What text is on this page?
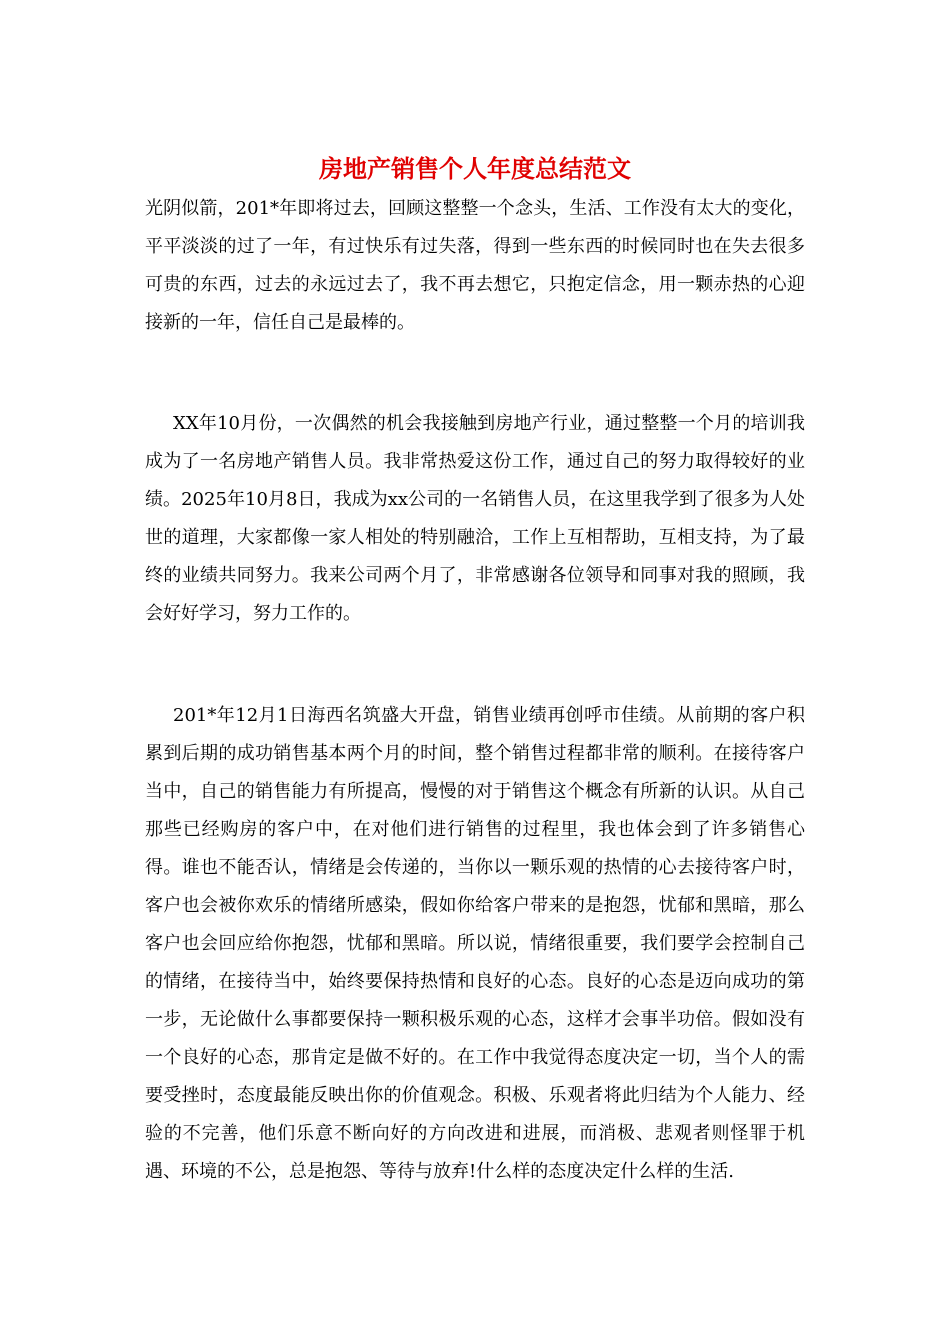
房地产销售个人年度总结范文

光阴似箭，201*年即将过去，回顾这整整一个念头，生活、工作没有太大的变化，平平淡淡的过了一年，有过快乐有过失落，得到一些东西的时候同时也在失去很多可贵的东西，过去的永远过去了，我不再去想它，只抱定信念，用一颗赤热的心迎接新的一年，信任自己是最棒的。

XX年10月份，一次偶然的机会我接触到房地产行业，通过整整一个月的培训我成为了一名房地产销售人员。我非常热爱这份工作，通过自己的努力取得较好的业绩。2025年10月8日，我成为xx公司的一名销售人员，在这里我学到了很多为人处世的道理，大家都像一家人相处的特别融洽，工作上互相帮助，互相支持，为了最终的业绩共同努力。我来公司两个月了，非常感谢各位领导和同事对我的照顾，我会好好学习，努力工作的。

201*年12月1日海西名筑盛大开盘，销售业绩再创呼市佳绩。从前期的客户积累到后期的成功销售基本两个月的时间，整个销售过程都非常的顺利。在接待客户当中，自己的销售能力有所提高，慢慢的对于销售这个概念有所新的认识。从自己那些已经购房的客户中，在对他们进行销售的过程里，我也体会到了许多销售心得。谁也不能否认，情绪是会传递的，当你以一颗乐观的热情的心去接待客户时，客户也会被你欢乐的情绪所感染，假如你给客户带来的是抱怨，忧郁和黑暗，那么客户也会回应给你抱怨，忧郁和黑暗。所以说，情绪很重要，我们要学会控制自己的情绪，在接待当中，始终要保持热情和良好的心态。良好的心态是迈向成功的第一步，无论做什么事都要保持一颗积极乐观的心态，这样才会事半功倍。假如没有一个良好的心态，那肯定是做不好的。在工作中我觉得态度决定一切，当个人的需要受挫时，态度最能反映出你的价值观念。积极、乐观者将此归结为个人能力、经验的不完善，他们乐意不断向好的方向改进和进展，而消极、悲观者则怪罪于机遇、环境的不公，总是抱怨、等待与放弃!什么样的态度决定什么样的生活.
